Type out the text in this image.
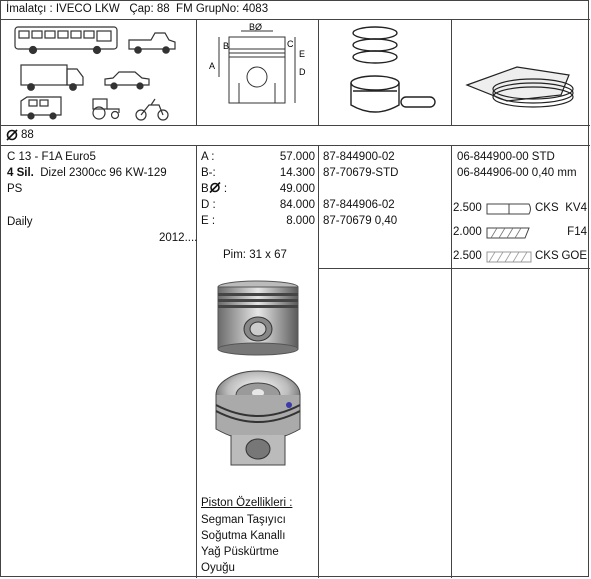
İmalatçı : IVECO LKW Çap: 88 FM GrupNo: 4083
A
B
BØ
C
D
E
88
C 13 - F1A Euro5
4 Sil. Dizel 2300cc 96 KW-129
PS
Daily
2012....
A :	57.000
B-:	14.300
B :	49.000
D :	84.000
E :	8.000
Pim: 31 x 67
Piston Özellikleri :
Segman Taşıyıcı
Soğutma Kanallı
Yağ Püskürtme
Oyuğu
87-844900-02
87-70679-STD
87-844906-02
87-70679 0,40
06-844900-00 STD
06-844906-00 0,40 mm
2.500	CKS KV4
2.000	F14
2.500	CKS GOE
